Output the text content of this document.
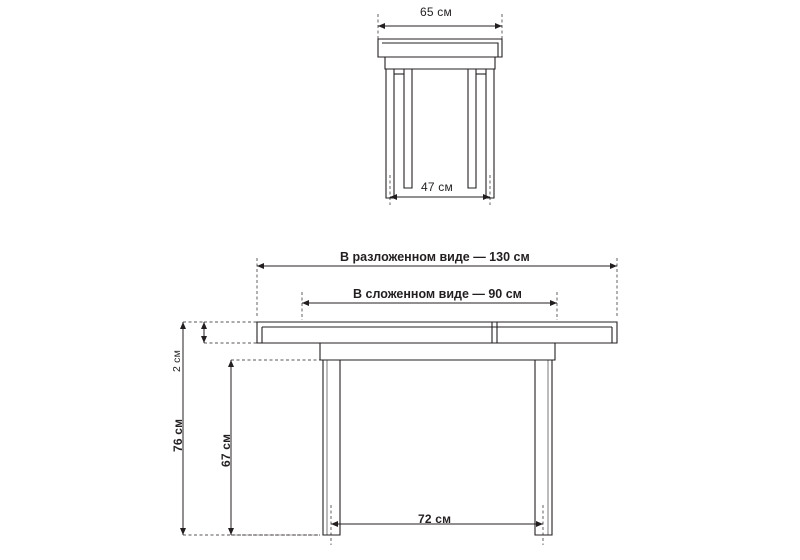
65 см
47 см
В разложенном виде — 130 см
В сложенном виде — 90 см
2 см
76 см	67 см
72 см
